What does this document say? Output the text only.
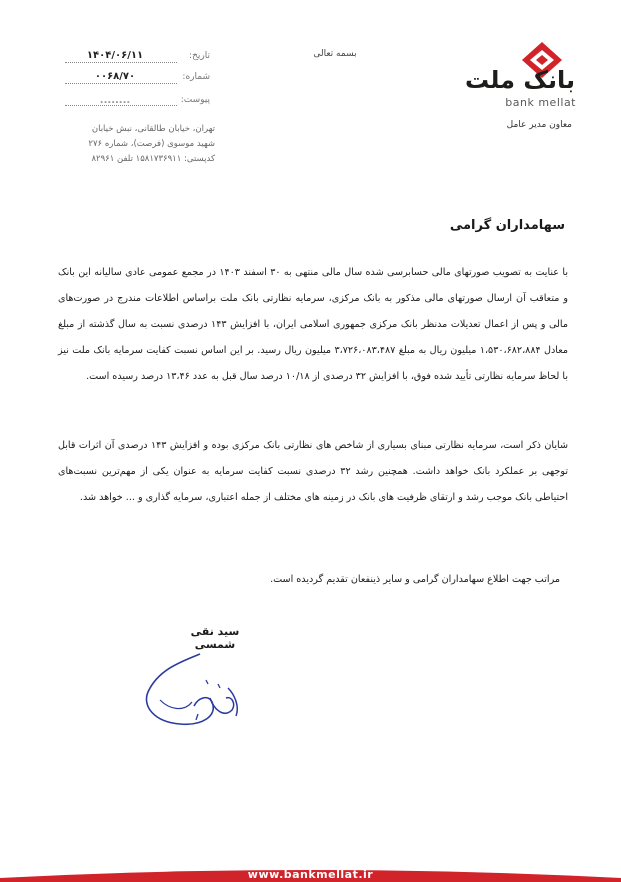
بانک ملت
bank mellat
معاون مدیر عامل
بسمه تعالی
تاریخ:
۱۴۰۴/۰۶/۱۱
شماره:
۰۰۶۸/۷۰
پیوست:
........
تهران، خیابان طالقانی، نبش خیابان
شهید موسوی (فرصت)، شماره ۲۷۶
کدپستی: ۱۵۸۱۷۳۶۹۱۱ تلفن ۸۲۹۶۱
سهامداران گرامی
با عنایت به تصویب صورتهای مالی حسابرسی شده سال مالی منتهی به ۳۰ اسفند ۱۴۰۳ در مجمع عمومی عادی سالیانه این بانک و متعاقب آن ارسال صورتهای مالی مذکور به بانک مرکزی، سرمایه نظارتی بانک ملت براساس اطلاعات مندرج در صورت‌های مالی و پس از اعمال تعدیلات مدنظر بانک مرکزی جمهوری اسلامی ایران، با افزایش ۱۴۳ درصدی نسبت به سال گذشته از مبلغ معادل ۱،۵۳۰،۶۸۲،۸۸۴ میلیون ریال به مبلغ ۳،۷۲۶،۰۸۳،۴۸۷ میلیون ریال رسید. بر این اساس نسبت کفایت سرمایه بانک ملت نیز با لحاظ سرمایه نظارتی تأیید شده فوق، با افزایش ۳۲ درصدی از ۱۰/۱۸ درصد سال قبل به عدد ۱۳،۴۶ درصد رسیده است.
شایان ذکر است، سرمایه نظارتی مبنای بسیاری از شاخص های نظارتی بانک مرکزی بوده و افزایش ۱۴۳ درصدی آن اثرات قابل توجهی بر عملکرد بانک خواهد داشت. همچنین رشد ۳۲ درصدی نسبت کفایت سرمایه به عنوان یکی از مهم‌ترین نسبت‌های احتیاطی بانک موجب رشد و ارتقای ظرفیت های بانک در زمینه های مختلف از جمله اعتباری، سرمایه گذاری و ... خواهد شد.
مراتب جهت اطلاع سهامداران گرامی و سایر ذینفعان تقدیم گردیده است.
سید نقی شمسی
www.bankmellat.ir
